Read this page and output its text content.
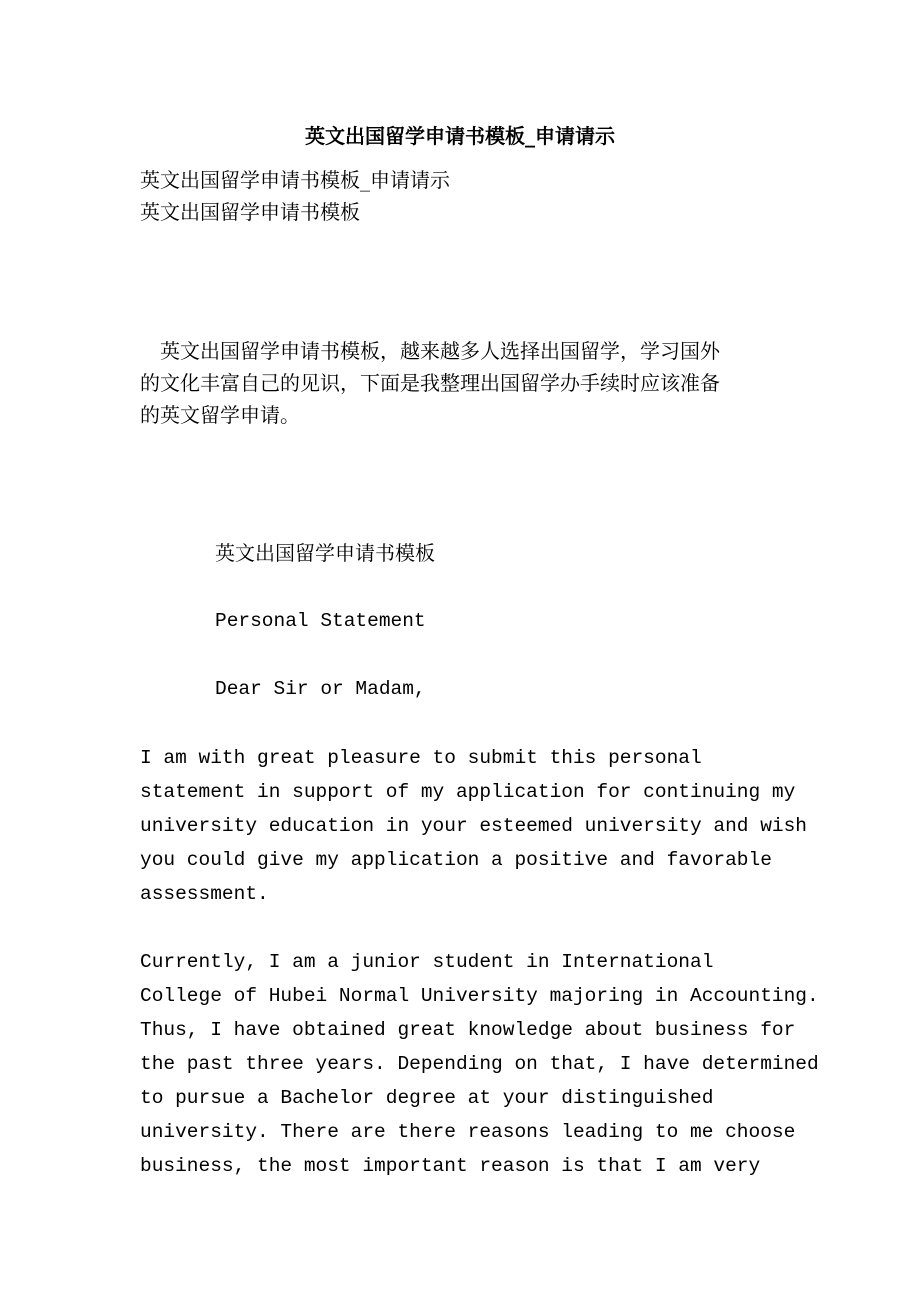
英文出国留学申请书模板_申请请示
英文出国留学申请书模板_申请请示
英文出国留学申请书模板
　英文出国留学申请书模板，越来越多人选择出国留学，学习国外
的文化丰富自己的见识，下面是我整理出国留学办手续时应该准备
的英文留学申请。
英文出国留学申请书模板
Personal Statement
Dear Sir or Madam,
I am with great pleasure to submit this personal
statement in support of my application for continuing my
university education in your esteemed university and wish
you could give my application a positive and favorable
assessment.
Currently, I am a junior student in International
College of Hubei Normal University majoring in Accounting.
Thus, I have obtained great knowledge about business for
the past three years. Depending on that, I have determined
to pursue a Bachelor degree at your distinguished
university. There are there reasons leading to me choose
business, the most important reason is that I am very
